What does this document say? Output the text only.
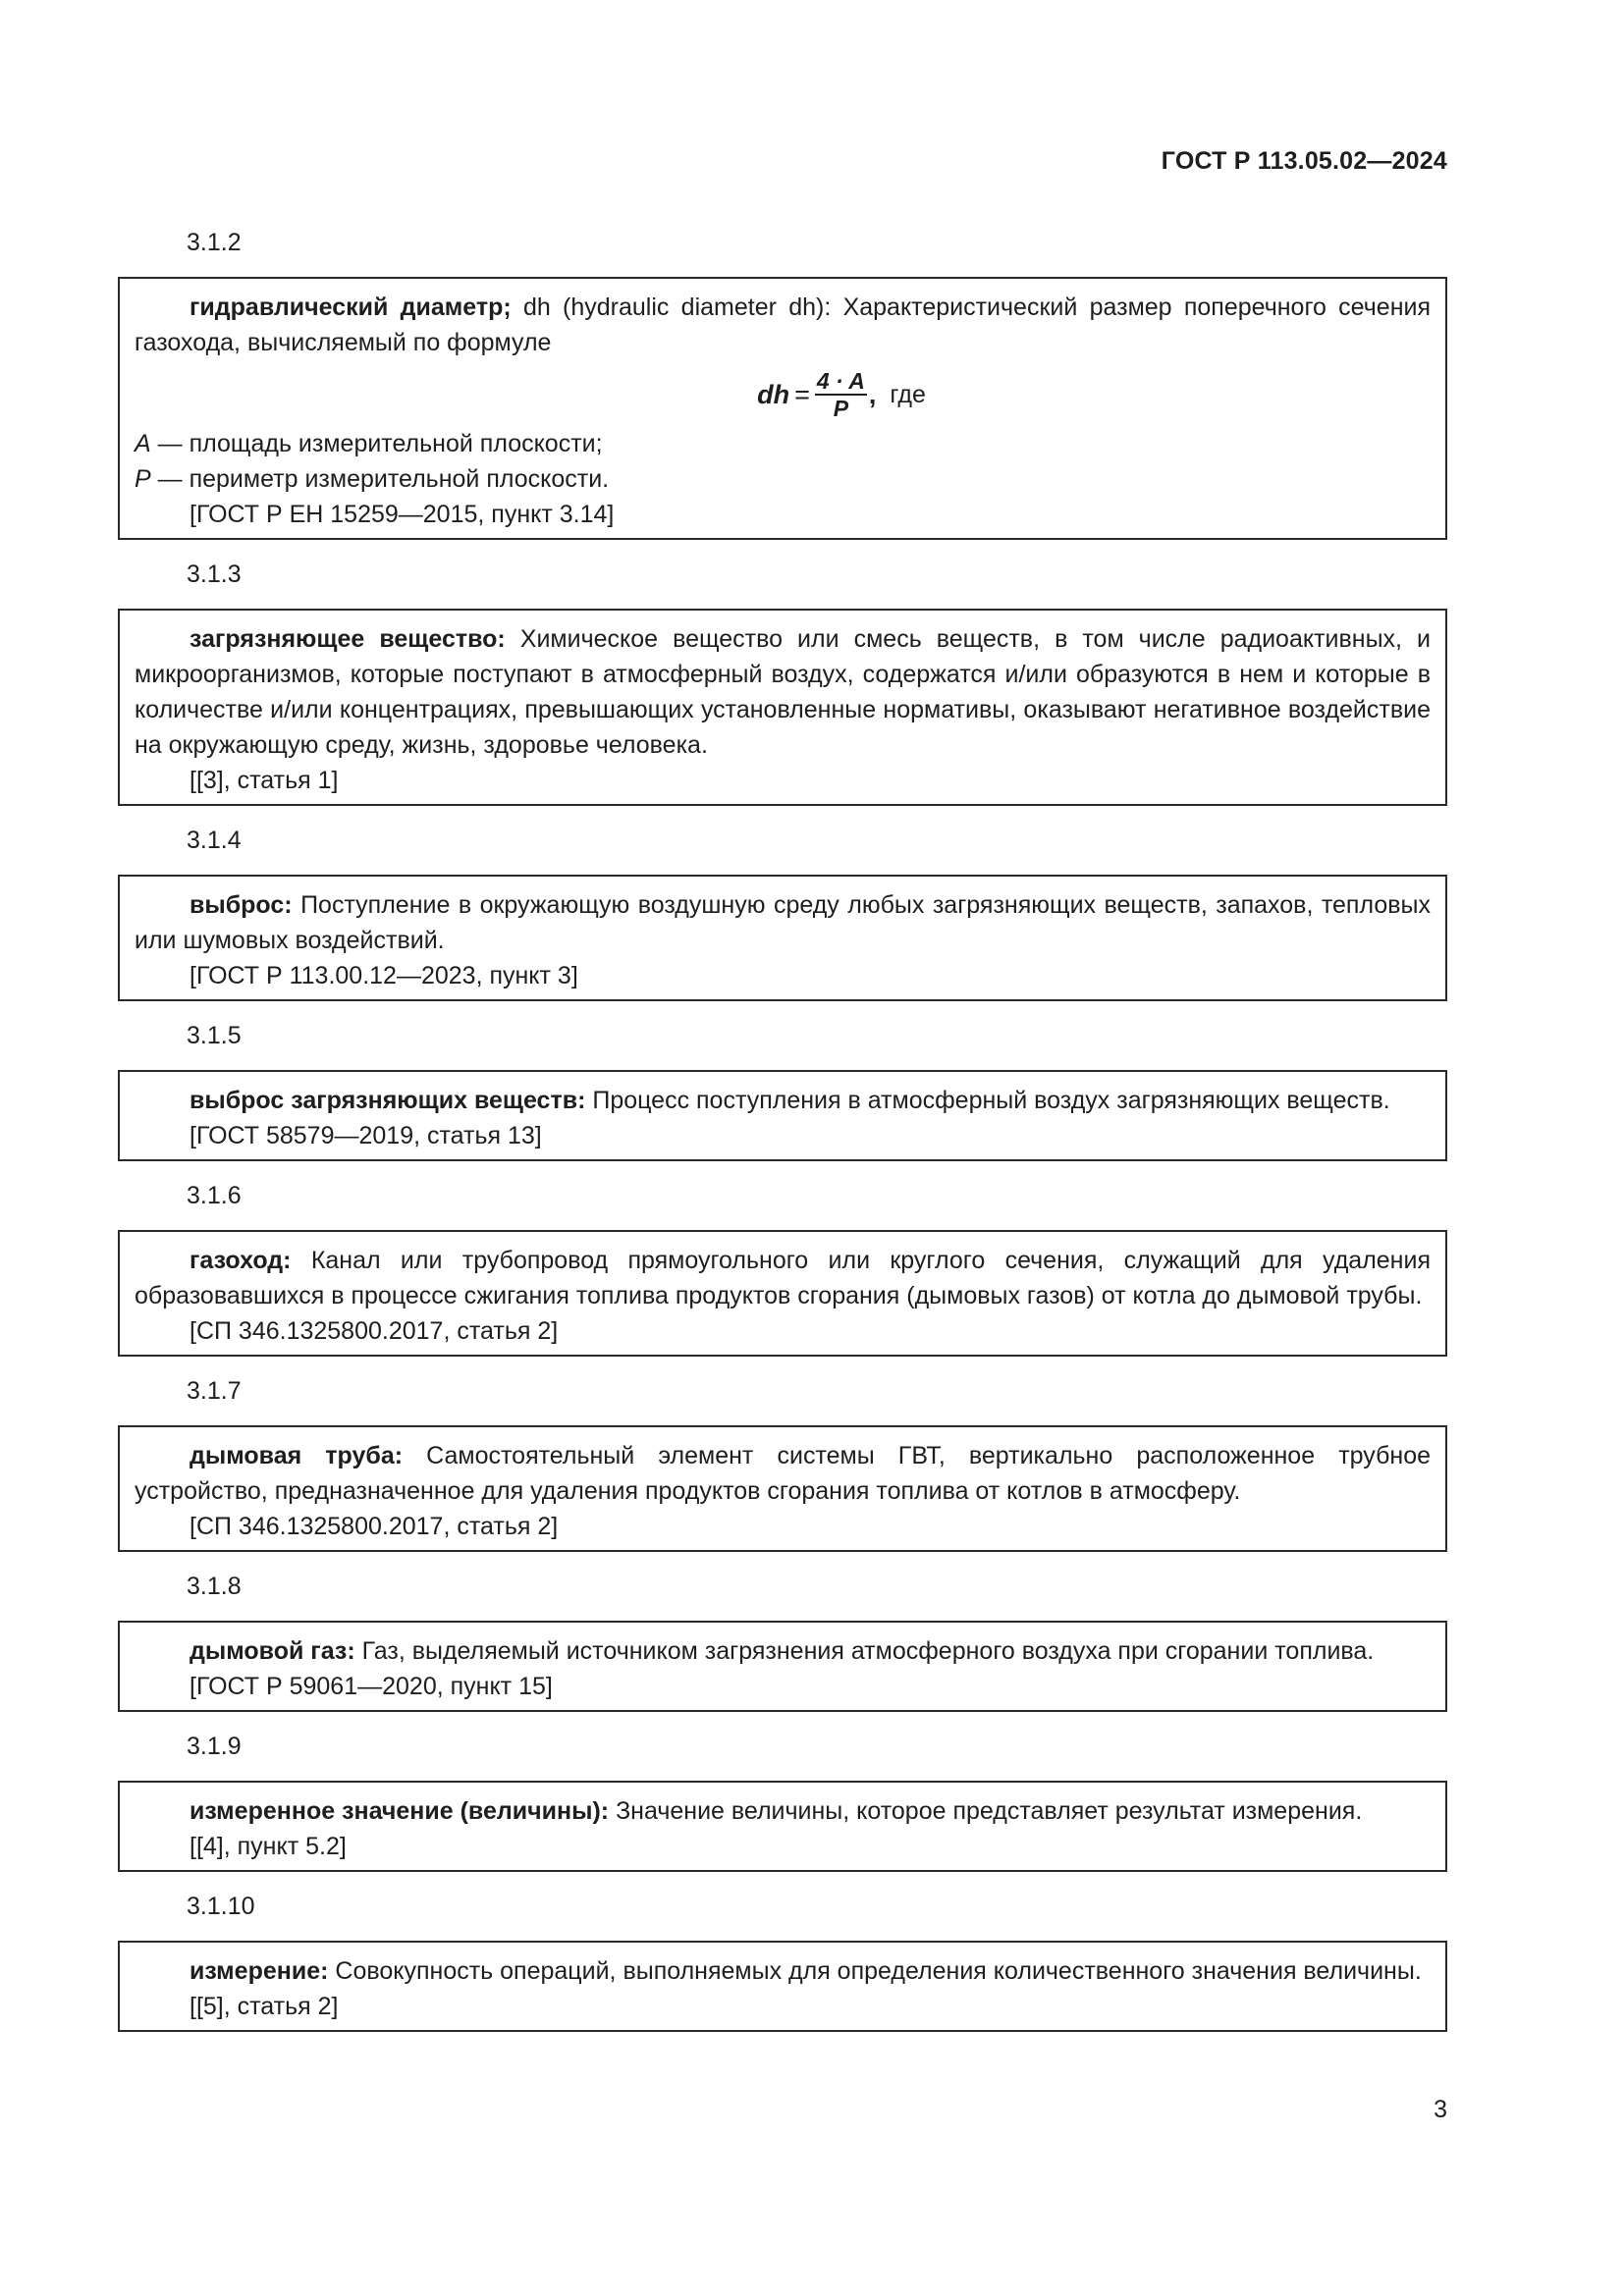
ГОСТ Р 113.05.02—2024
3.1.2
гидравлический диаметр; dh (hydraulic diameter dh): Характеристический размер поперечного сечения газохода, вычисляемый по формуле
dh = $\frac{4 \cdot A}{P}$ , где
A — площадь измерительной плоскости;
P — периметр измерительной плоскости.
[ГОСТ Р ЕН 15259—2015, пункт 3.14]
3.1.3
загрязняющее вещество: Химическое вещество или смесь веществ, в том числе радиоактивных, и микроорганизмов, которые поступают в атмосферный воздух, содержатся и/или образуются в нем и которые в количестве и/или концентрациях, превышающих установленные нормативы, оказывают негативное воздействие на окружающую среду, жизнь, здоровье человека.
[[3], статья 1]
3.1.4
выброс: Поступление в окружающую воздушную среду любых загрязняющих веществ, запахов, тепловых или шумовых воздействий.
[ГОСТ Р 113.00.12—2023, пункт 3]
3.1.5
выброс загрязняющих веществ: Процесс поступления в атмосферный воздух загрязняющих веществ.
[ГОСТ 58579—2019, статья 13]
3.1.6
газоход: Канал или трубопровод прямоугольного или круглого сечения, служащий для удаления образовавшихся в процессе сжигания топлива продуктов сгорания (дымовых газов) от котла до дымовой трубы.
[СП 346.1325800.2017, статья 2]
3.1.7
дымовая труба: Самостоятельный элемент системы ГВТ, вертикально расположенное трубное устройство, предназначенное для удаления продуктов сгорания топлива от котлов в атмосферу.
[СП 346.1325800.2017, статья 2]
3.1.8
дымовой газ: Газ, выделяемый источником загрязнения атмосферного воздуха при сгорании топлива.
[ГОСТ Р 59061—2020, пункт 15]
3.1.9
измеренное значение (величины): Значение величины, которое представляет результат измерения.
[[4], пункт 5.2]
3.1.10
измерение: Совокупность операций, выполняемых для определения количественного значения величины.
[[5], статья 2]
3
